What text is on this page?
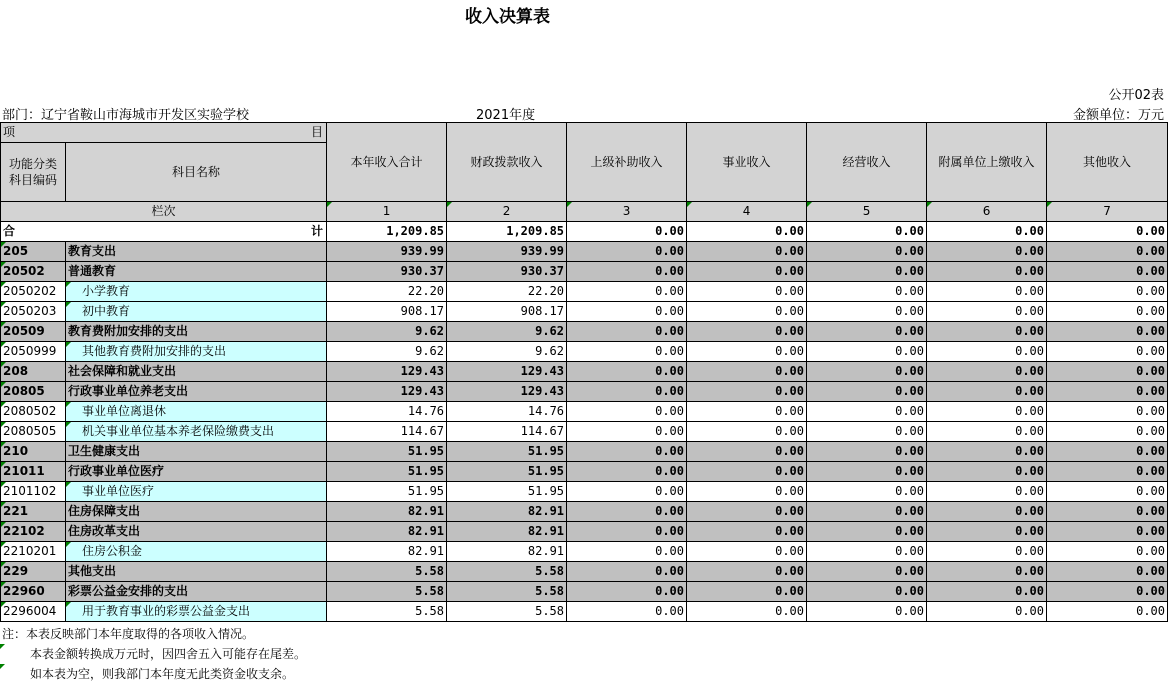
收入决算表
公开02表
部门：辽宁省鞍山市海城市开发区实验学校	2021年度	金额单位：万元
项 目		本年收入合计	财政拨款收入	上级补助收入	事业收入	经营收入	附属单位上缴收入	其他收入
功能分类科目编码	科目名称							

栏次		1	2	3	4	5	6	7
合 计		1,209.85	1,209.85	0.00	0.00	0.00	0.00	0.00
205	教育支出	939.99	939.99	0.00	0.00	0.00	0.00	0.00
20502	普通教育	930.37	930.37	0.00	0.00	0.00	0.00	0.00
2050202	小学教育	22.20	22.20	0.00	0.00	0.00	0.00	0.00
2050203	初中教育	908.17	908.17	0.00	0.00	0.00	0.00	0.00
20509	教育费附加安排的支出	9.62	9.62	0.00	0.00	0.00	0.00	0.00
2050999	其他教育费附加安排的支出	9.62	9.62	0.00	0.00	0.00	0.00	0.00
208	社会保障和就业支出	129.43	129.43	0.00	0.00	0.00	0.00	0.00
20805	行政事业单位养老支出	129.43	129.43	0.00	0.00	0.00	0.00	0.00
2080502	事业单位离退休	14.76	14.76	0.00	0.00	0.00	0.00	0.00
2080505	机关事业单位基本养老保险缴费支出	114.67	114.67	0.00	0.00	0.00	0.00	0.00
210	卫生健康支出	51.95	51.95	0.00	0.00	0.00	0.00	0.00
21011	行政事业单位医疗	51.95	51.95	0.00	0.00	0.00	0.00	0.00
2101102	事业单位医疗	51.95	51.95	0.00	0.00	0.00	0.00	0.00
221	住房保障支出	82.91	82.91	0.00	0.00	0.00	0.00	0.00
22102	住房改革支出	82.91	82.91	0.00	0.00	0.00	0.00	0.00
2210201	住房公积金	82.91	82.91	0.00	0.00	0.00	0.00	0.00
229	其他支出	5.58	5.58	0.00	0.00	0.00	0.00	0.00
22960	彩票公益金安排的支出	5.58	5.58	0.00	0.00	0.00	0.00	0.00
2296004	用于教育事业的彩票公益金支出	5.58	5.58	0.00	0.00	0.00	0.00	0.00
注：本表反映部门本年度取得的各项收入情况。
本表金额转换成万元时，因四舍五入可能存在尾差。
如本表为空，则我部门本年度无此类资金收支余。
